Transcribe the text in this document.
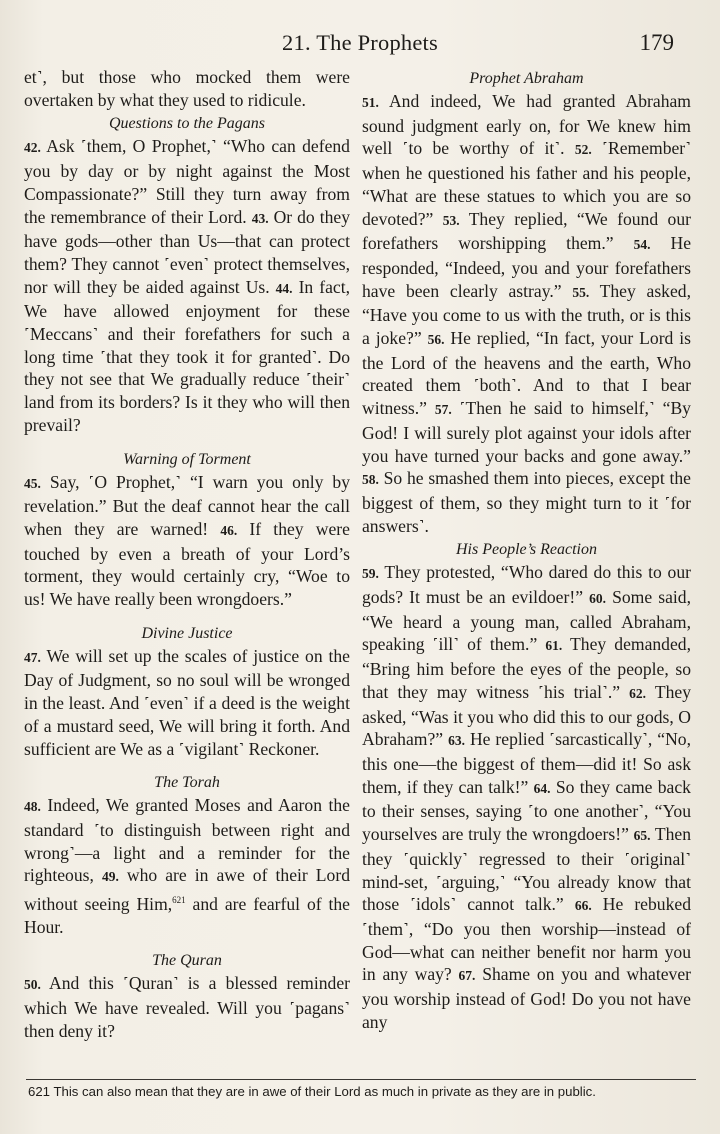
21. The Prophets	179

et˺, but those who mocked them were overtaken by what they used to ridicule.

Questions to the Pagans

42. Ask ˹them, O Prophet,˺ “Who can defend you by day or by night against the Most Compassionate?” Still they turn away from the remembrance of their Lord. 43. Or do they have gods—other than Us—that can protect them? They cannot ˹even˺ protect themselves, nor will they be aided against Us. 44. In fact, We have allowed enjoyment for these ˹Meccans˺ and their forefathers for such a long time ˹that they took it for granted˺. Do they not see that We gradually reduce ˹their˺ land from its borders? Is it they who will then prevail?

Warning of Torment

45. Say, ˹O Prophet,˺ “I warn you only by revelation.” But the deaf cannot hear the call when they are warned! 46. If they were touched by even a breath of your Lord’s torment, they would certainly cry, “Woe to us! We have really been wrongdoers.”

Divine Justice

47. We will set up the scales of justice on the Day of Judgment, so no soul will be wronged in the least. And ˹even˺ if a deed is the weight of a mustard seed, We will bring it forth. And sufficient are We as a ˹vigilant˺ Reckoner.

The Torah

48. Indeed, We granted Moses and Aaron the standard ˹to distinguish between right and wrong˺—a light and a reminder for the righteous, 49. who are in awe of their Lord without seeing Him,$^{621}$ and are fearful of the Hour.

The Quran

50. And this ˹Quran˺ is a blessed reminder which We have revealed. Will you ˹pagans˺ then deny it?

Prophet Abraham

51. And indeed, We had granted Abraham sound judgment early on, for We knew him well ˹to be worthy of it˺. 52. ˹Remember˺ when he questioned his father and his people, “What are these statues to which you are so devoted?” 53. They replied, “We found our forefathers worshipping them.” 54. He responded, “Indeed, you and your forefathers have been clearly astray.” 55. They asked, “Have you come to us with the truth, or is this a joke?” 56. He replied, “In fact, your Lord is the Lord of the heavens and the earth, Who created them ˹both˺. And to that I bear witness.” 57. ˹Then he said to himself,˺ “By God! I will surely plot against your idols after you have turned your backs and gone away.” 58. So he smashed them into pieces, except the biggest of them, so they might turn to it ˹for answers˺.

His People’s Reaction

59. They protested, “Who dared do this to our gods? It must be an evildoer!” 60. Some said, “We heard a young man, called Abraham, speaking ˹ill˺ of them.” 61. They demanded, “Bring him before the eyes of the people, so that they may witness ˹his trial˺.” 62. They asked, “Was it you who did this to our gods, O Abraham?” 63. He replied ˹sarcastically˺, “No, this one—the biggest of them—did it! So ask them, if they can talk!” 64. So they came back to their senses, saying ˹to one another˺, “You yourselves are truly the wrongdoers!” 65. Then they ˹quickly˺ regressed to their ˹original˺ mind-set, ˹arguing,˺ “You already know that those ˹idols˺ cannot talk.” 66. He rebuked ˹them˺, “Do you then worship—instead of God—what can neither benefit nor harm you in any way? 67. Shame on you and whatever you worship instead of God! Do you not have any

621 This can also mean that they are in awe of their Lord as much in private as they are in public.
